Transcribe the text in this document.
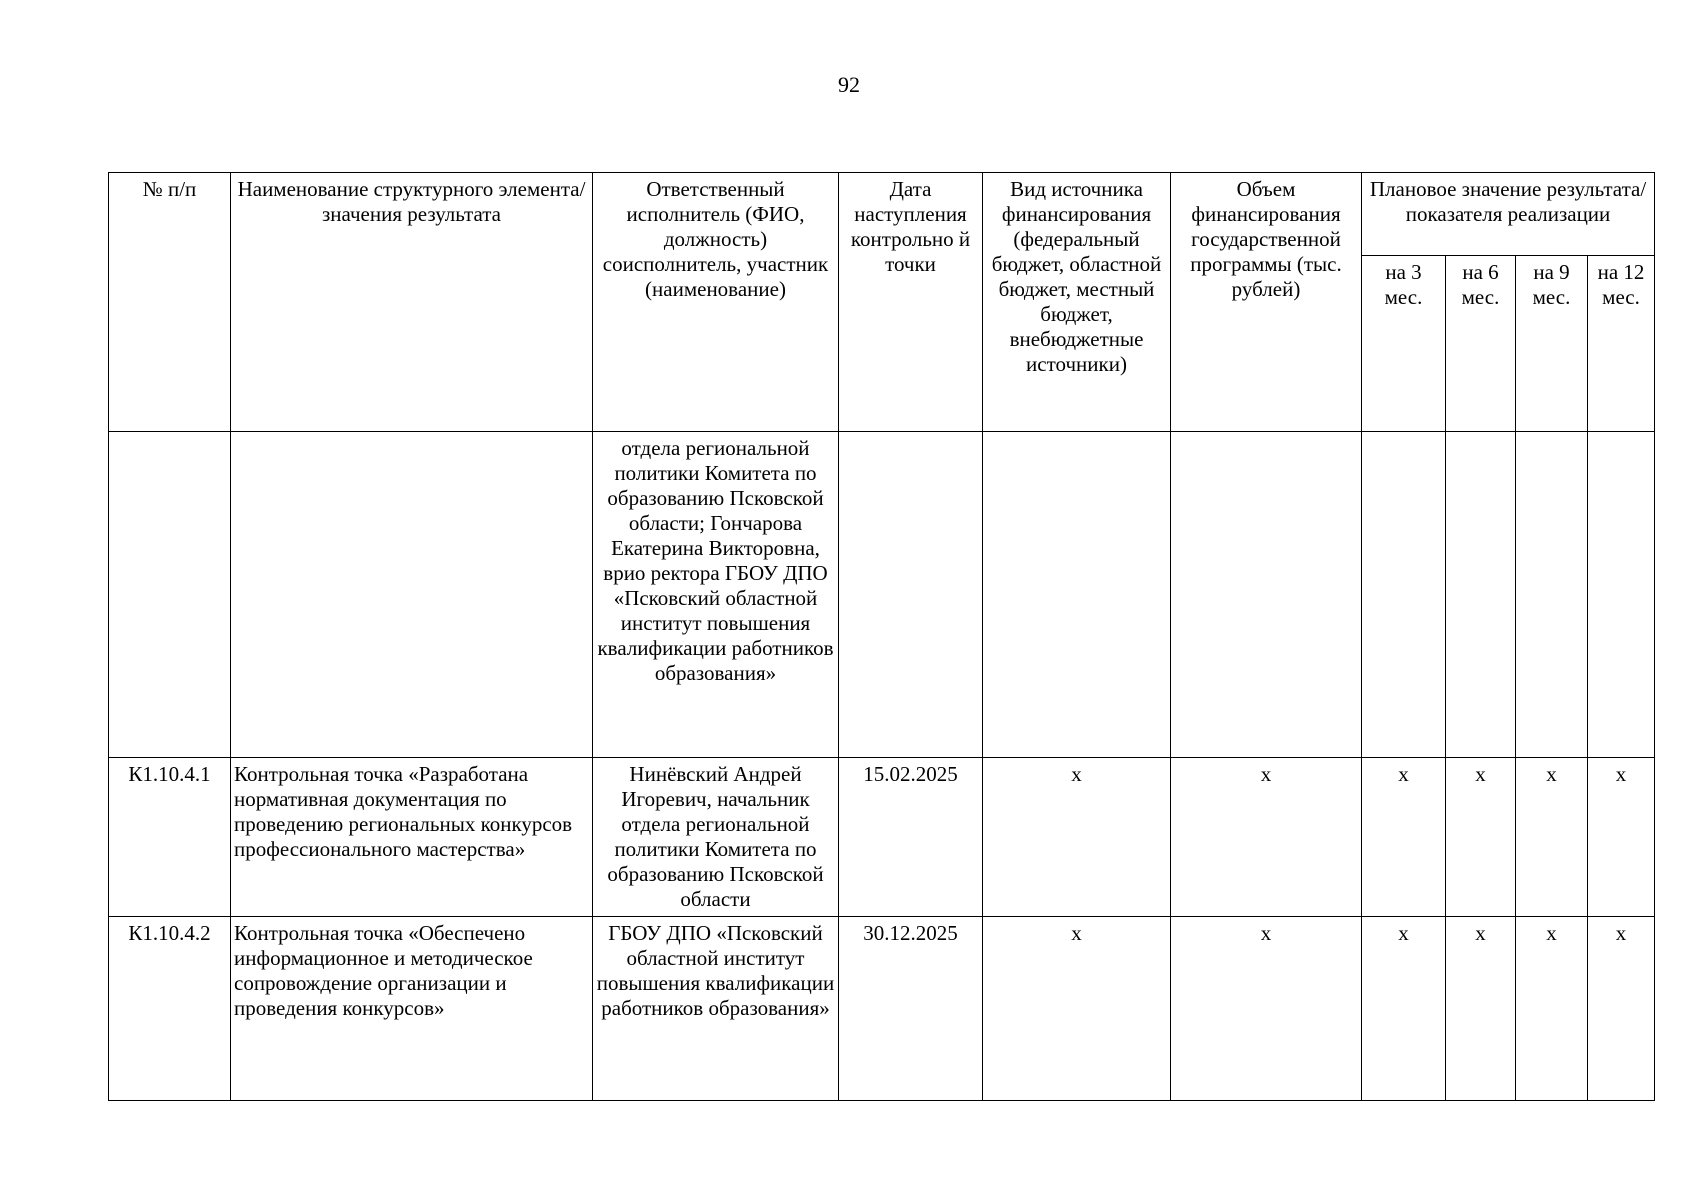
92
№ п/п	Наименование структурного элемента/ значения результата	Ответственный исполнитель (ФИО, должность) соисполнитель, участник (наименование)	Дата наступления контрольно й точки	Вид источника финансирования (федеральный бюджет, областной бюджет, местный бюджет, внебюджетные источники)	Объем финансирования государственной программы (тыс. рублей)	Плановое значение результата/показателя реализации			
						на 3 мес.	на 6 мес.	на 9 мес.	на 12 мес.
		отдела региональной политики Комитета по образованию Псковской области; Гончарова Екатерина Викторовна, врио ректора ГБОУ ДПО «Псковский областной институт повышения квалификации работников образования»							
К1.10.4.1	Контрольная точка «Разработана нормативная документация по проведению региональных конкурсов профессионального мастерства»	Нинёвский Андрей Игоревич, начальник отдела региональной политики Комитета по образованию Псковской области	15.02.2025	x	x	x	x	x	x
К1.10.4.2	Контрольная точка «Обеспечено информационное и методическое сопровождение организации и проведения конкурсов»	ГБОУ ДПО «Псковский областной институт повышения квалификации работников образования»	30.12.2025	x	x	x	x	x	x
